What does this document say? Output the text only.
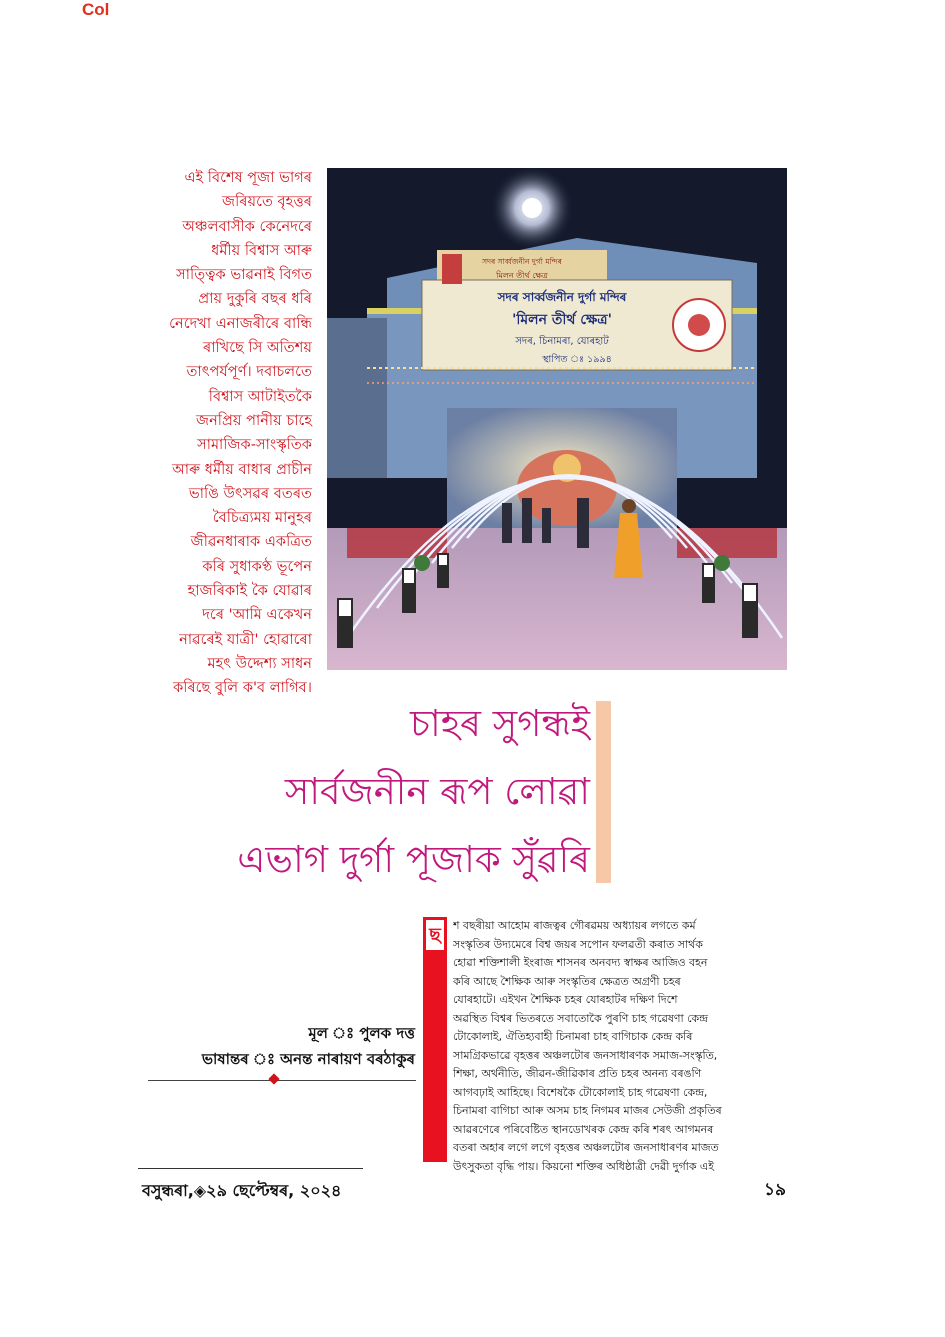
Col

এই বিশেষ পূজা ভাগৰ

জৰিয়তে বৃহত্তৰ

অঞ্চলবাসীক কেনেদৰে

ধৰ্মীয় বিশ্বাস আৰু

সাত্ত্বিক ভাৱনাই বিগত

প্ৰায় দুকুৰি বছৰ ধৰি

নেদেখা এনাজৰীৰে বান্ধি

ৰাখিছে সি অতিশয়

তাৎপৰ্যপূৰ্ণ। দবাচলতে

বিশ্বাস আটাইতকৈ

জনপ্ৰিয় পানীয় চাহে

সামাজিক-সাংস্কৃতিক

আৰু ধৰ্মীয় বাধাৰ প্ৰাচীন

ভাঙি উৎসৱৰ বতৰত

বৈচিত্ৰ্যময় মানুহৰ

জীৱনধাৰাক একত্ৰিত

কৰি সুধাকণ্ঠ ভূপেন

হাজৰিকাই কৈ যোৱাৰ

দৰে 'আমি একেখন

নাৱৰেই যাত্ৰী' হোৱাৰো

মহৎ উদ্দেশ্য সাধন

কৰিছে বুলি ক'ব লাগিব।

সদৰ সাৰ্ব্বজনীন দুৰ্গা মন্দিৰ
মিলন তীৰ্থ ক্ষেত্ৰ
সদৰ সাৰ্ব্বজনীন দুৰ্গা মন্দিৰ
'মিলন তীৰ্থ ক্ষেত্ৰ'
সদৰ, চিনামৰা, যোৰহাট
স্থাপিত ঃ ১৯৯৪
চাহৰ সুগন্ধই
সাৰ্বজনীন ৰূপ লোৱা
এভাগ দুৰ্গা পূজাক সুঁৱৰি
মূল ঃ পুলক দত্ত
ভাষান্তৰ ঃ অনন্ত নাৰায়ণ বৰঠাকুৰ
ছ শ বছৰীয়া আহোম ৰাজত্বৰ গৌৰৱময় অধ্যায়ৰ লগতে কৰ্ম
সংস্কৃতিৰ উদ্যমেৰে বিশ্ব জয়ৰ সপোন ফলৱতী কৰাত সাৰ্থক
হোৱা শক্তিশালী ইংৰাজ শাসনৰ অনবদ্য স্বাক্ষৰ আজিও বহন
কৰি আছে শৈক্ষিক আৰু সংস্কৃতিৰ ক্ষেত্ৰত অগ্ৰণী চহৰ
যোৰহাটে। এইখন শৈক্ষিক চহৰ যোৰহাটৰ দক্ষিণ দিশে
অৱস্থিত বিশ্বৰ ভিতৰতে সবাতোকৈ পুৰণি চাহ গৱেষণা কেন্দ্ৰ
টোকোলাই, ঐতিহ্যবাহী চিনামৰা চাহ বাগিচাক কেন্দ্ৰ কৰি
সামগ্ৰিকভাৱে বৃহত্তৰ অঞ্চলটোৰ জনসাধাৰণক সমাজ-সংস্কৃতি,
শিক্ষা, অৰ্থনীতি, জীৱন-জীৱিকাৰ প্ৰতি চহৰ অনন্য বৰঙণি
আগবঢ়াই আহিছে। বিশেষকৈ টোকোলাই চাহ গৱেষণা কেন্দ্ৰ,
চিনামৰা বাগিচা আৰু অসম চাহ নিগমৰ মাজৰ সেউজী প্ৰকৃতিৰ
আৱৰণেৰে পৰিবেষ্টিত স্থানডোখৰক কেন্দ্ৰ কৰি শৰৎ আগমনৰ
বতৰা অহাৰ লগে লগে বৃহত্তৰ অঞ্চলটোৰ জনসাধাৰণৰ মাজত
উৎসুকতা বৃদ্ধি পায়। কিয়নো শক্তিৰ অধিষ্ঠাত্ৰী দেৱী দুৰ্গাক এই
বসুন্ধৰা,◈২৯ ছেপ্টেম্বৰ, ২০২৪	১৯
